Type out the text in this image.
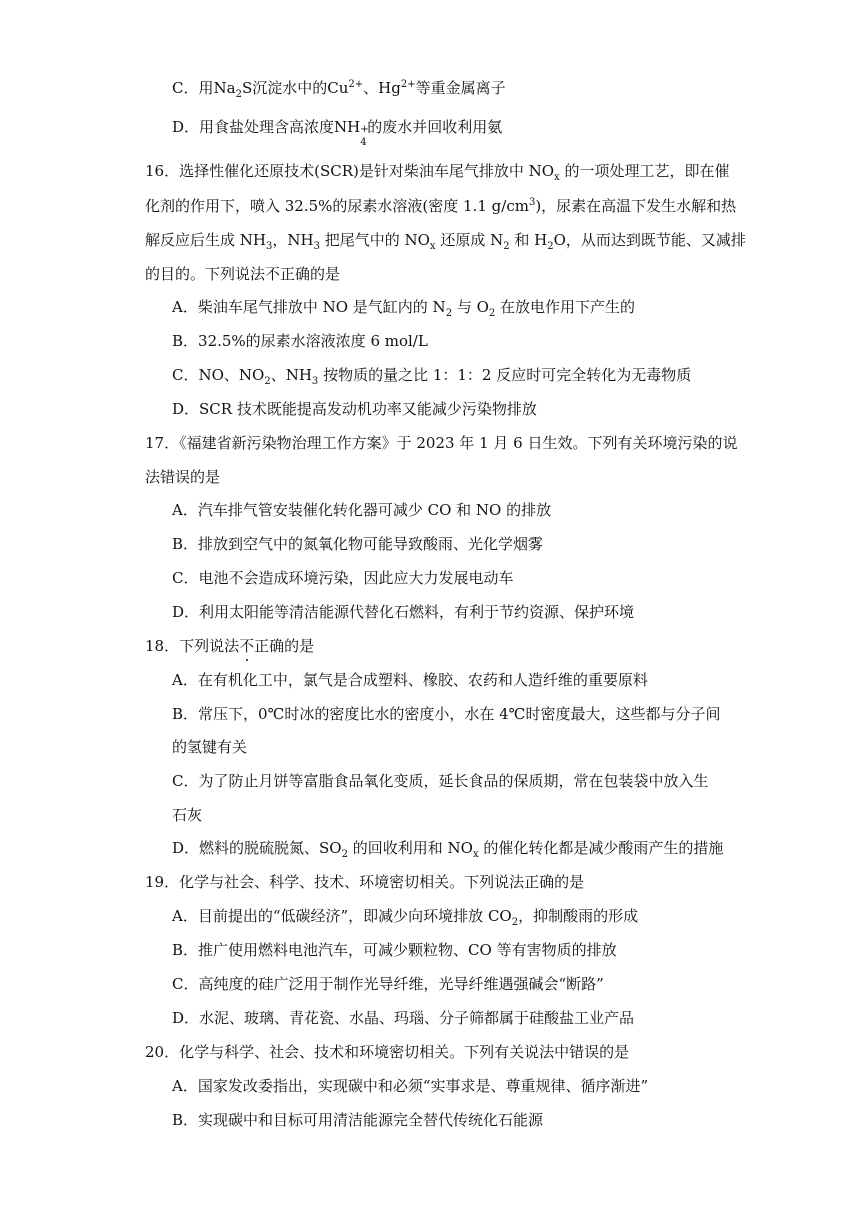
C．用$Na_2S$沉淀水中的$Cu^{2+}$、$Hg^{2+}$等重金属离子
D．用食盐处理含高浓度NH +
4
的废水并回收利用氨
16．选择性催化还原技术(SCR)是针对柴油车尾气排放中 $NO_x$ 的一项处理工艺，即在催
化剂的作用下，喷入 32.5%的尿素水溶液(密度 1.1 $g/cm^3$)，尿素在高温下发生水解和热
解反应后生成 $NH_3$，$NH_3$ 把尾气中的 $NO_x$ 还原成 $N_2$ 和 $H_2O$，从而达到既节能、又减排
的目的。下列说法不正确的是
A．柴油车尾气排放中 NO 是气缸内的 $N_2$ 与 $O_2$ 在放电作用下产生的
B．32.5%的尿素水溶液浓度 6 mol/L
C．NO、$NO_2$、$NH_3$ 按物质的量之比 1：1：2 反应时可完全转化为无毒物质
D．SCR 技术既能提高发动机功率又能减少污染物排放
17．《福建省新污染物治理工作方案》于 2023 年 1 月 6 日生效。下列有关环境污染的说
法错误的是
A．汽车排气管安装催化转化器可减少 CO 和 NO 的排放
B．排放到空气中的氮氧化物可能导致酸雨、光化学烟雾
C．电池不会造成环境污染，因此应大力发展电动车
D．利用太阳能等清洁能源代替化石燃料，有利于节约资源、保护环境
18．下列说法不正确的是
A．在有机化工中，氯气是合成塑料、橡胶、农药和人造纤维的重要原料
B．常压下，0℃时冰的密度比水的密度小，水在 4℃时密度最大，这些都与分子间
的氢键有关
C．为了防止月饼等富脂食品氧化变质，延长食品的保质期，常在包装袋中放入生
石灰
D．燃料的脱硫脱氮、$SO_2$ 的回收利用和 $NO_x$ 的催化转化都是减少酸雨产生的措施
19．化学与社会、科学、技术、环境密切相关。下列说法正确的是
A．目前提出的“低碳经济”，即减少向环境排放 $CO_2$，抑制酸雨的形成
B．推广使用燃料电池汽车，可减少颗粒物、CO 等有害物质的排放
C．高纯度的硅广泛用于制作光导纤维，光导纤维遇强碱会“断路”
D．水泥、玻璃、青花瓷、水晶、玛瑙、分子筛都属于硅酸盐工业产品
20．化学与科学、社会、技术和环境密切相关。下列有关说法中错误的是
A．国家发改委指出，实现碳中和必须“实事求是、尊重规律、循序渐进”
B．实现碳中和目标可用清洁能源完全替代传统化石能源
